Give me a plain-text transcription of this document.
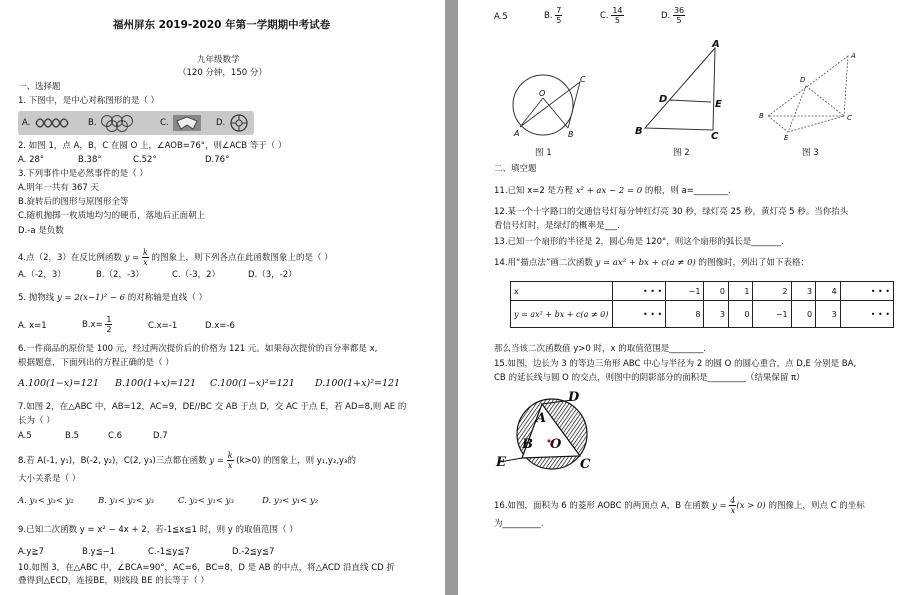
福州屏东 2019-2020 年第一学期期中考试卷
九年级数学
（120 分钟，150 分）
一、选择题
1. 下图中，是中心对称图形的是（ ）
A.	B.	C.	D.
2. 如图 1，点 A，B，C 在圆 O 上，∠AOB=76°，则∠ACB 等于（ ）
A. 28°	B.38°	C.52°	D.76°
3.下列事件中是必然事件的是（ ）
A.明年一共有 367 天
B.旋转后的图形与原图形全等
C.随机抛掷一枚质地均匀的硬币，落地后正面朝上
D.-a 是负数
4.点（2，3）在反比例函数 $y = \frac{k}{x}$ 的图象上，则下列各点在此函数图象上的是（ ）
A.（-2，3）	B.（2，-3）	C.（-3，2）	D.（3，-2）
5. 抛物线 y = 2(x−1)² − 6 的对称轴是直线（ ）
A. x=1	$B.x= \frac{1}{2}$	C.x=-1	D.x=-6
6.一件商品的原价是 100 元，经过两次提价后的价格为 121 元。如果每次提价的百分率都是 x,
根据题意，下面列出的方程正确的是（ ）
A.100(1−x)=121 B.100(1+x)=121 C.100(1−x)²=121 D.100(1+x)²=121
7.如图 2，在△ABC 中，AB=12，AC=9，DE//BC 交 AB 于点 D，交 AC 于点 E，若 AD=8,则 AE 的
长为（ ）
A.5	B.5	C.6	D.7
8.若 A(-1, y₁)，B(-2, y₂)，C(2, y₃)三点都在函数 $y = \frac{k}{x} (k>0)$ 的图象上，则 y₁,y₂,y₃的
大小关系是（ ）
A. y₁< y₃< y₂	B. y₁< y₂< y₃	C. y₂< y₁< y₃	D. y₃< y₁< y₂
9.已知二次函数 y = x² − 4x + 2，若-1≦x≦1 时，则 y 的取值范围（ ）
A.y≧7	B.y≦−1	C.-1≦y≦7	D.-2≦y≦7
10.如图 3，在△ABC 中，∠BCA=90°，AC=6，BC=8，D 是 AB 的中点，将△ACD 沿直线 CD 折
叠得到△ECD，连接BE，则线段 BE 的长等于（ ）
A.5	B. $\frac{7}{5}$	C. $\frac{14}{5}$	D. $\frac{36}{5}$
O
A	B
C
图 1
A
D	E
B	C
图 2
A
B	C
D
E
图 3
二、填空题
11.已知 x=2 是方程 x² + ax − 2 = 0 的根，则 a=________.
12.某一个十字路口的交通信号灯每分钟红灯亮 30 秒，绿灯亮 25 秒，黄灯亮 5 秒。当你抬头
看信号灯时，是绿灯的概率是___.
13.已知一个扇形的半径是 2，圆心角是 120°，则这个扇形的弧长是_______.
14.用“描点法”画二次函数 y = ax² + bx + c(a ≠ 0) 的图像时，列出了如下表格：
x	• • •	−1	0	1	2	3	4	• • •
y = ax² + bx + c(a ≠ 0)	• • •	8	3	0	−1	0	3	• • •
那么当该二次函数值 y>0 时，x 的取值范围是________.
15.如图，边长为 3 的等边三角形 ABC 中心与半径为 2 的圆 O 的圆心重合，点 D,E 分别是 BA,
CB 的延长线与圆 O 的交点，则图中的阴影部分的面积是_________（结果保留 π）
D
A
B O
E	C
16.如图，面积为 6 的菱形 AOBC 的两顶点 A，B 在函数 $y = \frac{4}{x} (x > 0)$ 的图像上，则点 C 的坐标
为_________.
